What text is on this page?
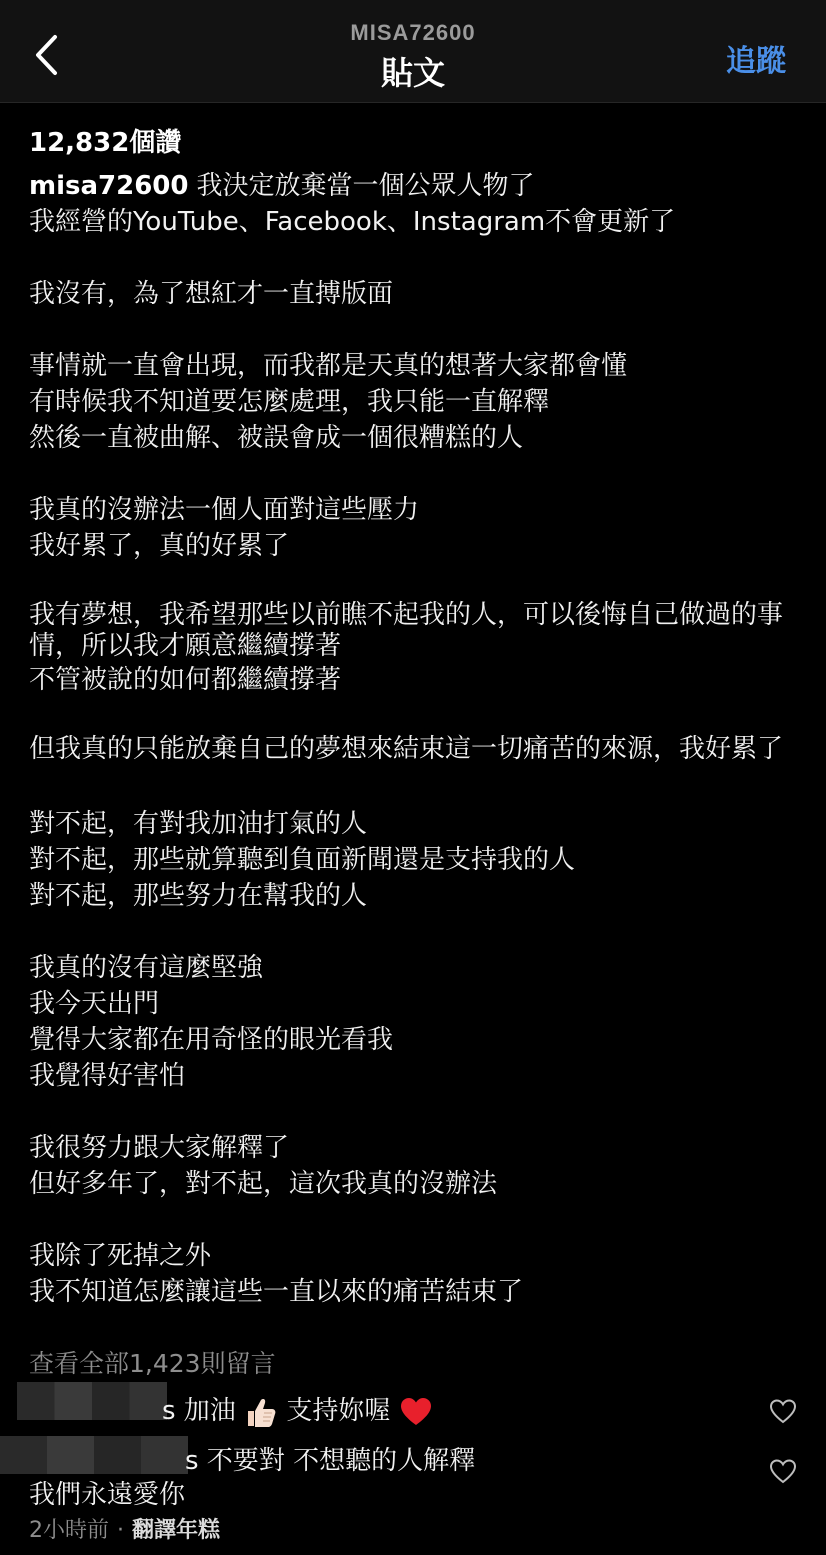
MISA72600
貼文	追蹤
12,832個讚
misa72600 我決定放棄當一個公眾人物了
我經營的YouTube、Facebook、Instagram不會更新了
我沒有，為了想紅才一直搏版面
事情就一直會出現，而我都是天真的想著大家都會懂
有時候我不知道要怎麼處理，我只能一直解釋
然後一直被曲解、被誤會成一個很糟糕的人
我真的沒辦法一個人面對這些壓力
我好累了，真的好累了
我有夢想，我希望那些以前瞧不起我的人，可以後悔自己做過的事情，所以我才願意繼續撐著
不管被說的如何都繼續撐著
但我真的只能放棄自己的夢想來結束這一切痛苦的來源，我好累了
對不起，有對我加油打氣的人
對不起，那些就算聽到負面新聞還是支持我的人
對不起，那些努力在幫我的人
我真的沒有這麼堅強
我今天出門
覺得大家都在用奇怪的眼光看我
我覺得好害怕
我很努力跟大家解釋了
但好多年了，對不起，這次我真的沒辦法
我除了死掉之外
我不知道怎麼讓這些一直以來的痛苦結束了
查看全部1,423則留言
s 加油 支持妳喔
s 不要對 不想聽的人解釋
我們永遠愛你
2小時前 · 翻譯年糕
